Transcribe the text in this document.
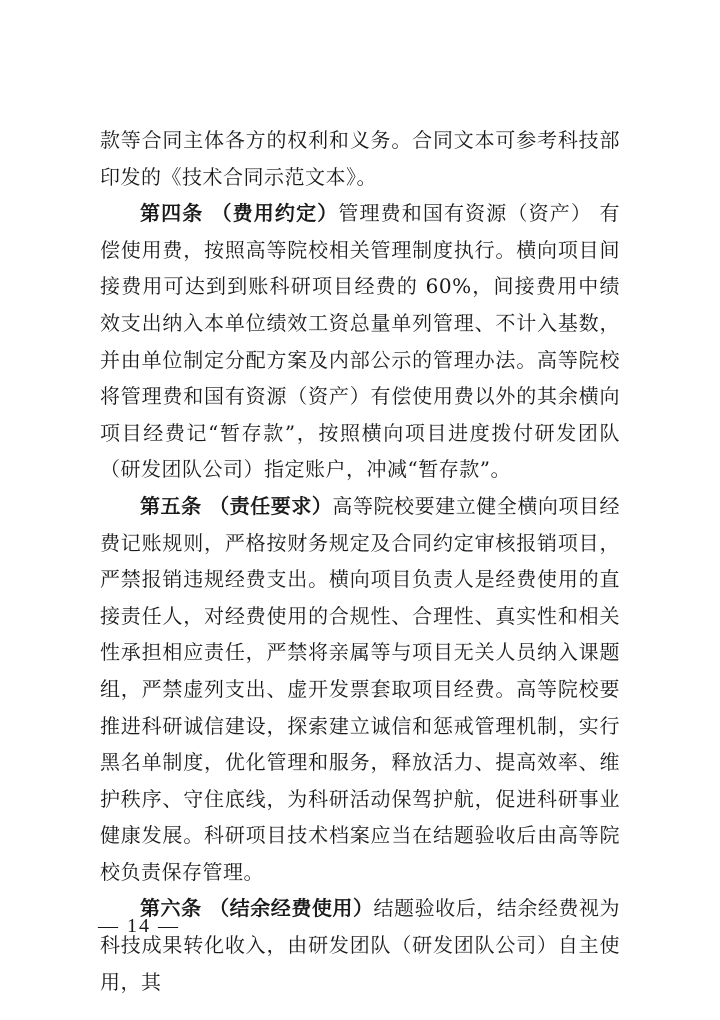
款等合同主体各方的权利和义务。合同文本可参考科技部印发的《技术合同示范文本》。

第四条 （费用约定）管理费和国有资源（资产） 有偿使用费，按照高等院校相关管理制度执行。横向项目间接费用可达到到账科研项目经费的 60%，间接费用中绩效支出纳入本单位绩效工资总量单列管理、不计入基数，并由单位制定分配方案及内部公示的管理办法。高等院校将管理费和国有资源（资产）有偿使用费以外的其余横向项目经费记“暂存款”，按照横向项目进度拨付研发团队（研发团队公司）指定账户，冲减“暂存款”。

第五条 （责任要求）高等院校要建立健全横向项目经费记账规则，严格按财务规定及合同约定审核报销项目，严禁报销违规经费支出。横向项目负责人是经费使用的直接责任人，对经费使用的合规性、合理性、真实性和相关性承担相应责任，严禁将亲属等与项目无关人员纳入课题组，严禁虚列支出、虚开发票套取项目经费。高等院校要推进科研诚信建设，探索建立诚信和惩戒管理机制，实行黑名单制度，优化管理和服务，释放活力、提高效率、维护秩序、守住底线，为科研活动保驾护航，促进科研事业健康发展。科研项目技术档案应当在结题验收后由高等院校负责保存管理。

第六条 （结余经费使用）结题验收后，结余经费视为科技成果转化收入，由研发团队（研发团队公司）自主使用，其

— 14 —
